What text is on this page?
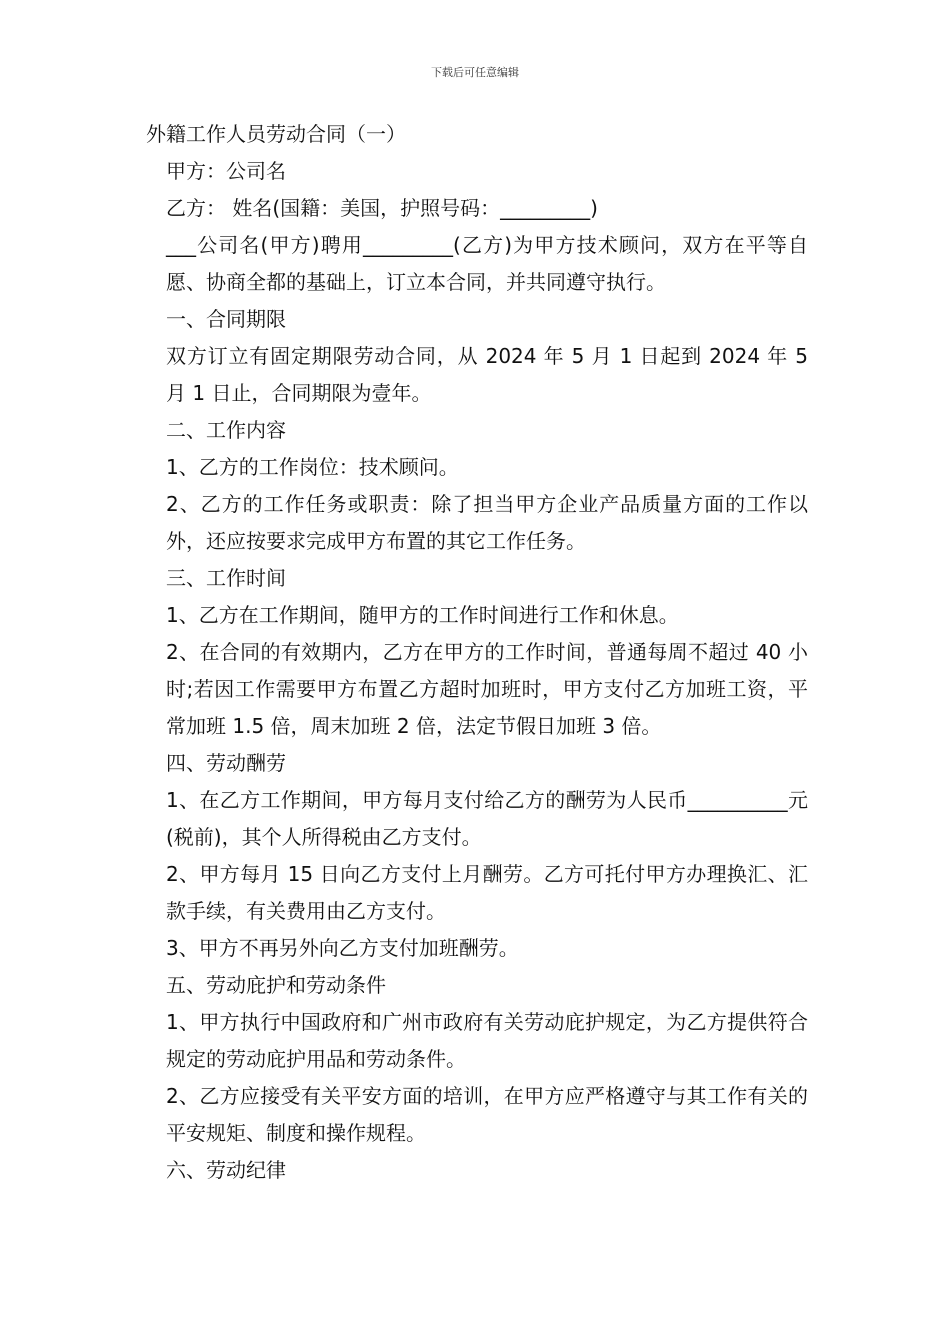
下载后可任意编辑

外籍工作人员劳动合同（一）

甲方：公司名

乙方： 姓名(国籍：美国，护照号码：_________)

___公司名(甲方)聘用_________(乙方)为甲方技术顾问，双方在平等自愿、协商全都的基础上，订立本合同，并共同遵守执行。

一、合同期限

双方订立有固定期限劳动合同，从 2024 年 5 月 1 日起到 2024 年 5 月 1 日止，合同期限为壹年。

二、工作内容

1、乙方的工作岗位：技术顾问。

2、乙方的工作任务或职责：除了担当甲方企业产品质量方面的工作以外，还应按要求完成甲方布置的其它工作任务。

三、工作时间

1、乙方在工作期间，随甲方的工作时间进行工作和休息。

2、在合同的有效期内，乙方在甲方的工作时间，普通每周不超过 40 小时;若因工作需要甲方布置乙方超时加班时，甲方支付乙方加班工资，平常加班 1.5 倍，周末加班 2 倍，法定节假日加班 3 倍。

四、劳动酬劳

1、在乙方工作期间，甲方每月支付给乙方的酬劳为人民币__________元(税前)，其个人所得税由乙方支付。

2、甲方每月 15 日向乙方支付上月酬劳。乙方可托付甲方办理换汇、汇款手续，有关费用由乙方支付。

3、甲方不再另外向乙方支付加班酬劳。

五、劳动庇护和劳动条件

1、甲方执行中国政府和广州市政府有关劳动庇护规定，为乙方提供符合规定的劳动庇护用品和劳动条件。

2、乙方应接受有关平安方面的培训，在甲方应严格遵守与其工作有关的平安规矩、制度和操作规程。

六、劳动纪律
